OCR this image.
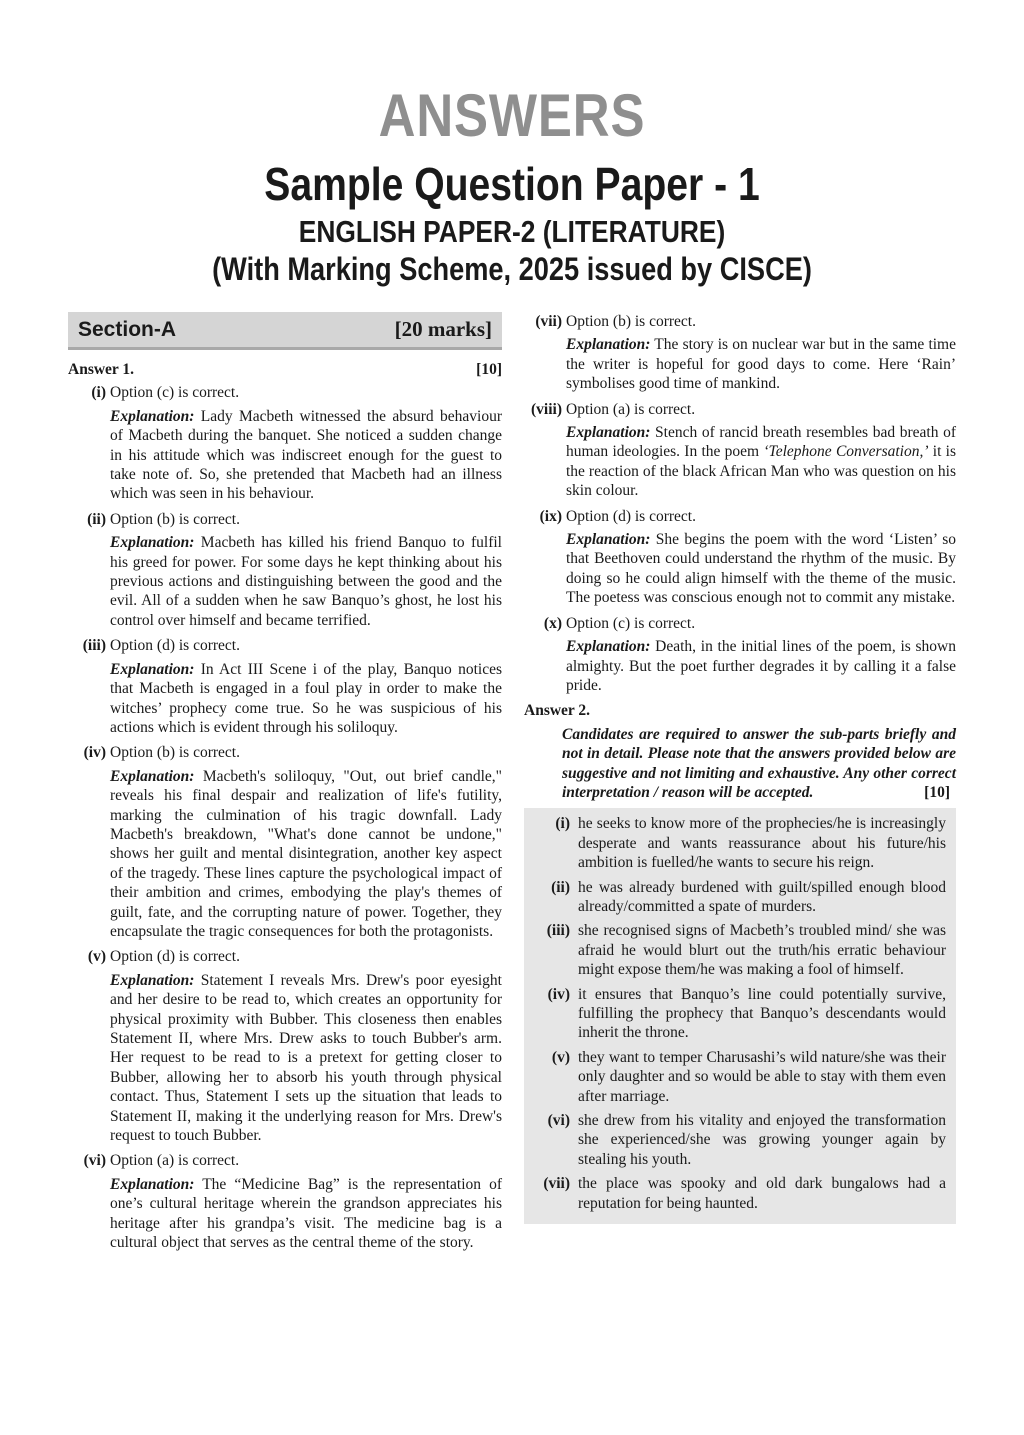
ANSWERS
Sample Question Paper - 1
ENGLISH PAPER-2 (LITERATURE)
(With Marking Scheme, 2025 issued by CISCE)
Section-A	[20 marks]
Answer 1.	[10]
(i) Option (c) is correct.
Explanation: Lady Macbeth witnessed the absurd behaviour of Macbeth during the banquet. She noticed a sudden change in his attitude which was indiscreet enough for the guest to take note of. So, she pretended that Macbeth had an illness which was seen in his behaviour.
(ii) Option (b) is correct.
Explanation: Macbeth has killed his friend Banquo to fulfil his greed for power. For some days he kept thinking about his previous actions and distinguishing between the good and the evil. All of a sudden when he saw Banquo’s ghost, he lost his control over himself and became terrified.
(iii) Option (d) is correct.
Explanation: In Act III Scene i of the play, Banquo notices that Macbeth is engaged in a foul play in order to make the witches’ prophecy come true. So he was suspicious of his actions which is evident through his soliloquy.
(iv) Option (b) is correct.
Explanation: Macbeth's soliloquy, "Out, out brief candle," reveals his final despair and realization of life's futility, marking the culmination of his tragic downfall. Lady Macbeth's breakdown, "What's done cannot be undone," shows her guilt and mental disintegration, another key aspect of the tragedy. These lines capture the psychological impact of their ambition and crimes, embodying the play's themes of guilt, fate, and the corrupting nature of power. Together, they encapsulate the tragic consequences for both the protagonists.
(v) Option (d) is correct.
Explanation: Statement I reveals Mrs. Drew's poor eyesight and her desire to be read to, which creates an opportunity for physical proximity with Bubber. This closeness then enables Statement II, where Mrs. Drew asks to touch Bubber's arm. Her request to be read to is a pretext for getting closer to Bubber, allowing her to absorb his youth through physical contact. Thus, Statement I sets up the situation that leads to Statement II, making it the underlying reason for Mrs. Drew's request to touch Bubber.
(vi) Option (a) is correct.
Explanation: The “Medicine Bag” is the representation of one’s cultural heritage wherein the grandson appreciates his heritage after his grandpa’s visit. The medicine bag is a cultural object that serves as the central theme of the story.
(vii) Option (b) is correct.
Explanation: The story is on nuclear war but in the same time the writer is hopeful for good days to come. Here ‘Rain’ symbolises good time of mankind.
(viii) Option (a) is correct.
Explanation: Stench of rancid breath resembles bad breath of human ideologies. In the poem ‘Telephone Conversation,’ it is the reaction of the black African Man who was question on his skin colour.
(ix) Option (d) is correct.
Explanation: She begins the poem with the word ‘Listen’ so that Beethoven could understand the rhythm of the music. By doing so he could align himself with the theme of the music. The poetess was conscious enough not to commit any mistake.
(x) Option (c) is correct.
Explanation: Death, in the initial lines of the poem, is shown almighty. But the poet further degrades it by calling it a false pride.
Answer 2.
Candidates are required to answer the sub-parts briefly and not in detail. Please note that the answers provided below are suggestive and not limiting and exhaustive. Any other correct interpretation / reason will be accepted.	[10]
(i) he seeks to know more of the prophecies/he is increasingly desperate and wants reassurance about his future/his ambition is fuelled/he wants to secure his reign.
(ii) he was already burdened with guilt/spilled enough blood already/committed a spate of murders.
(iii) she recognised signs of Macbeth’s troubled mind/ she was afraid he would blurt out the truth/his erratic behaviour might expose them/he was making a fool of himself.
(iv) it ensures that Banquo’s line could potentially survive, fulfilling the prophecy that Banquo’s descendants would inherit the throne.
(v) they want to temper Charusashi’s wild nature/she was their only daughter and so would be able to stay with them even after marriage.
(vi) she drew from his vitality and enjoyed the transformation she experienced/she was growing younger again by stealing his youth.
(vii) the place was spooky and old dark bungalows had a reputation for being haunted.
